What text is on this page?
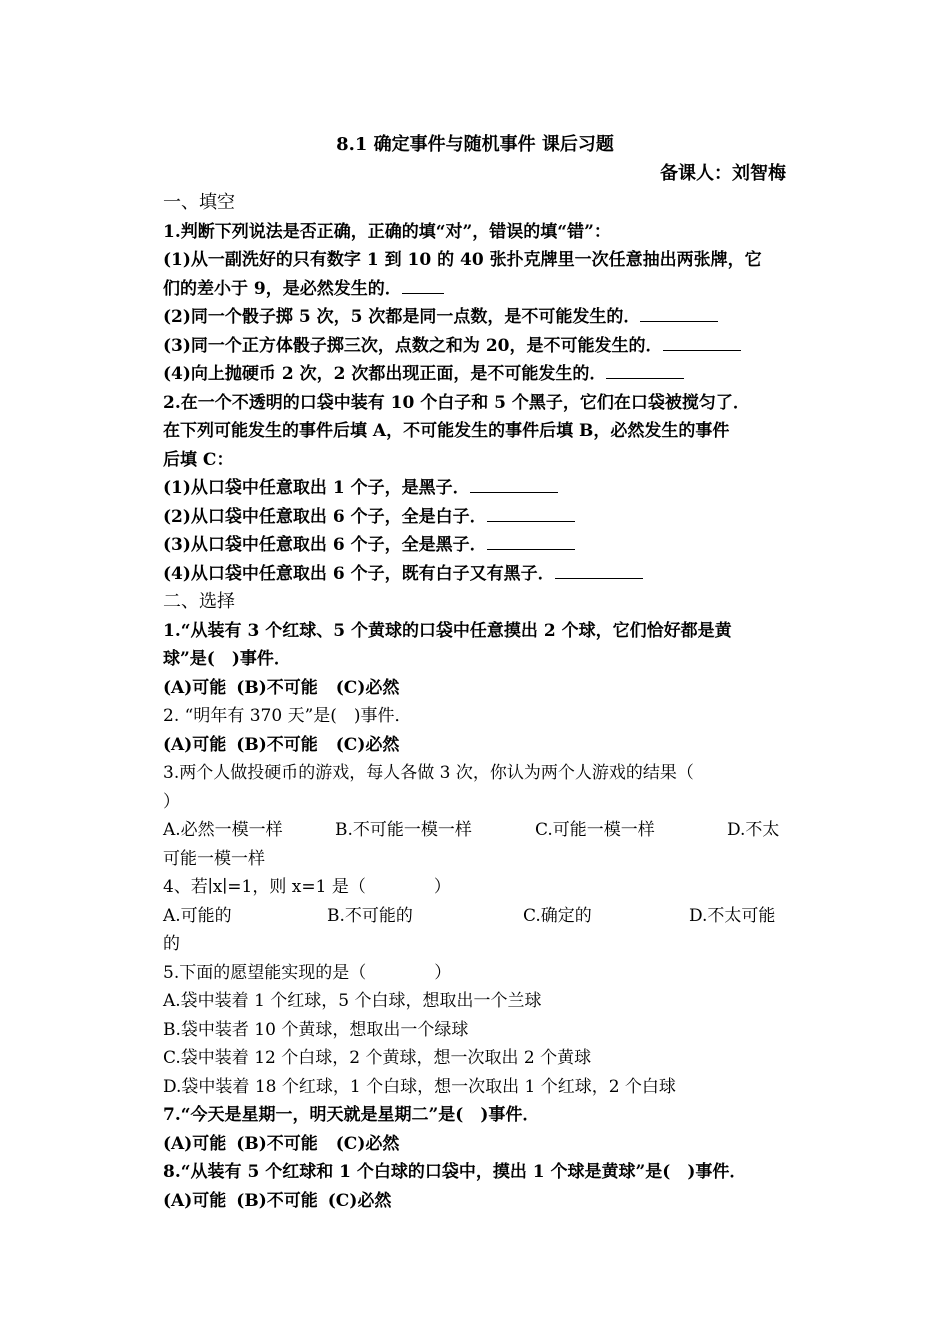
8.1 确定事件与随机事件 课后习题
备课人：刘智梅
一、填空
1.判断下列说法是否正确，正确的填“对”，错误的填“错”：
(1)从一副洗好的只有数字 1 到 10 的 40 张扑克牌里一次任意抽出两张牌，它
们的差小于 9，是必然发生的．
(2)同一个骰子掷 5 次，5 次都是同一点数，是不可能发生的．
(3)同一个正方体骰子掷三次，点数之和为 20，是不可能发生的．
(4)向上抛硬币 2 次，2 次都出现正面，是不可能发生的．
2.在一个不透明的口袋中装有 10 个白子和 5 个黑子，它们在口袋被搅匀了．
在下列可能发生的事件后填 A，不可能发生的事件后填 B，必然发生的事件
后填 C：
(1)从口袋中任意取出 1 个子，是黑子．
(2)从口袋中任意取出 6 个子，全是白子．
(3)从口袋中任意取出 6 个子，全是黑子．
(4)从口袋中任意取出 6 个子，既有白子又有黑子．
二、选择
1.“从装有 3 个红球、5 个黄球的口袋中任意摸出 2 个球，它们恰好都是黄
球”是(　)事件．
(A)可能 (B)不可能 (C)必然
2. “明年有 370 天”是(　)事件．
(A)可能 (B)不可能 (C)必然
3.两个人做投硬币的游戏，每人各做 3 次，你认为两个人游戏的结果（
）
A.必然一模一样	B.不可能一模一样	C.可能一模一样	D.不太
可能一模一样
4、若∣x∣=1，则 x=1 是（　　　　）
A.可能的	B.不可能的	C.确定的	D.不太可能
的
5.下面的愿望能实现的是（　　　　）
A.袋中装着 1 个红球，5 个白球，想取出一个兰球
B.袋中装者 10 个黄球，想取出一个绿球
C.袋中装着 12 个白球，2 个黄球，想一次取出 2 个黄球
D.袋中装着 18 个红球，1 个白球，想一次取出 1 个红球，2 个白球
7.“今天是星期一，明天就是星期二”是(　)事件．
(A)可能 (B)不可能 (C)必然
8.“从装有 5 个红球和 1 个白球的口袋中，摸出 1 个球是黄球”是(　)事件．
(A)可能 (B)不可能 (C)必然
